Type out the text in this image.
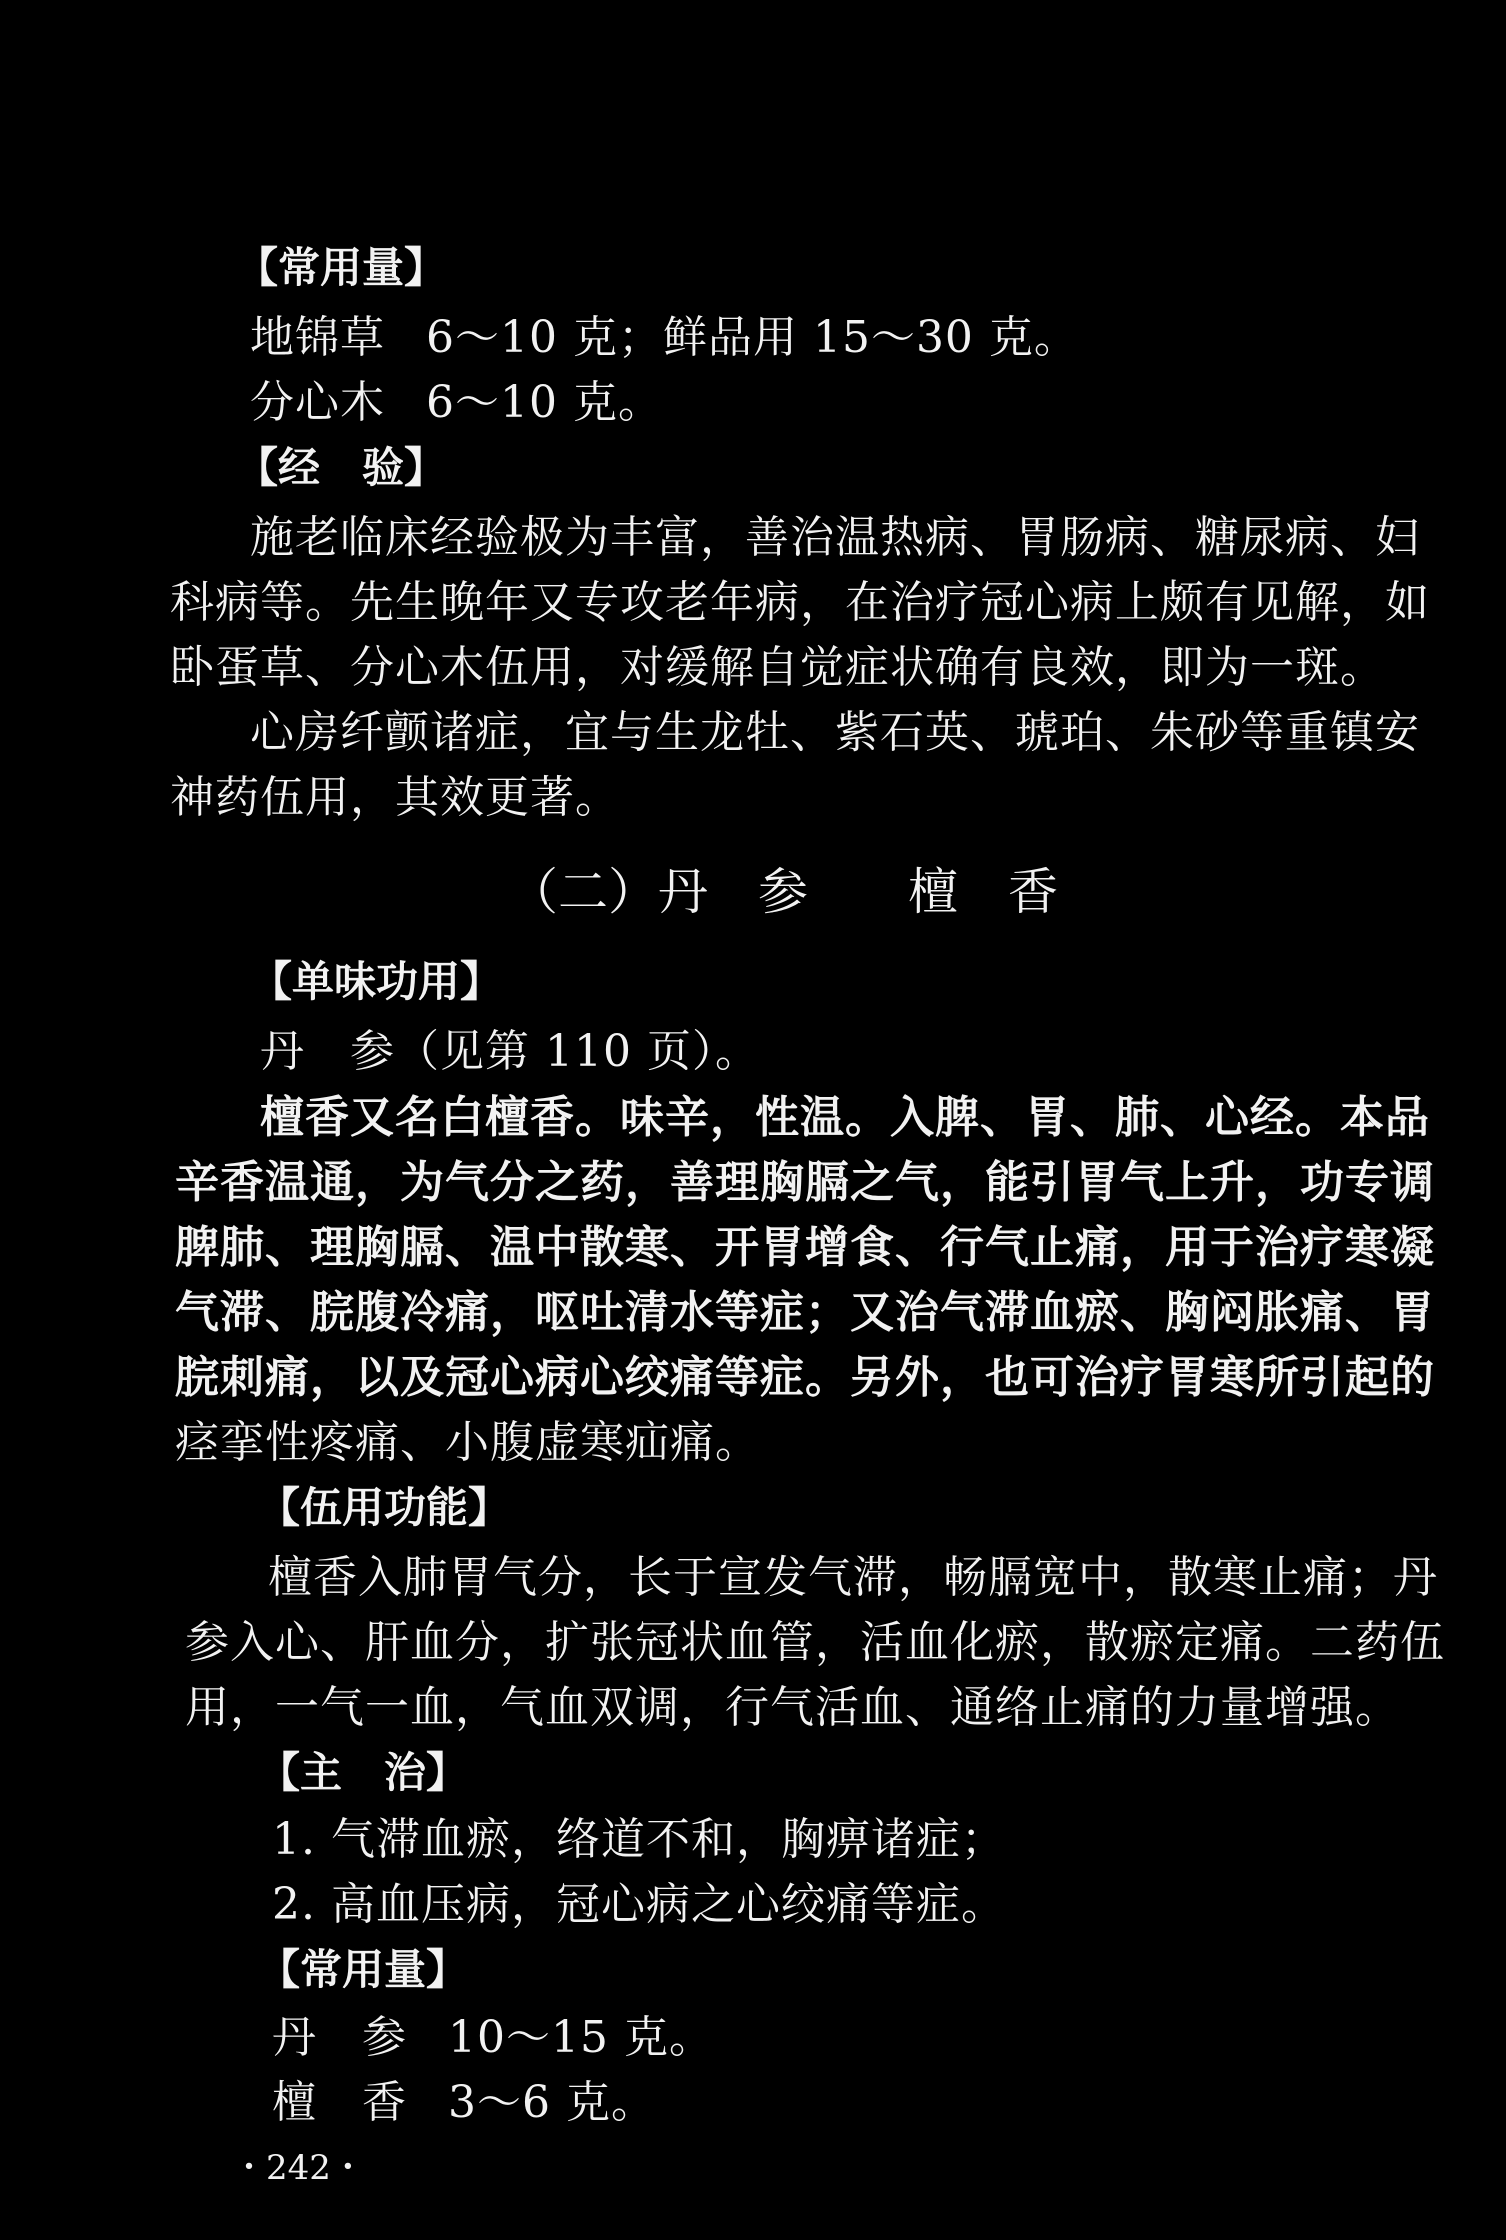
【常用量】
地锦草 6～10 克；鲜品用 15～30 克。
分心木 6～10 克。
【经　验】
施老临床经验极为丰富，善治温热病、胃肠病、糖尿病、妇
科病等。先生晚年又专攻老年病，在治疗冠心病上颇有见解，如
卧蛋草、分心木伍用，对缓解自觉症状确有良效，即为一斑。
心房纤颤诸症，宜与生龙牡、紫石英、琥珀、朱砂等重镇安
神药伍用，其效更著。
（二）丹　参　　檀　香
【单味功用】
丹　参（见第 110 页）。
檀香又名白檀香。味辛，性温。入脾、胃、肺、心经。本品
辛香温通，为气分之药，善理胸膈之气，能引胃气上升，功专调
脾肺、理胸膈、温中散寒、开胃增食、行气止痛，用于治疗寒凝
气滞、脘腹冷痛，呕吐清水等症；又治气滞血瘀、胸闷胀痛、胃
脘刺痛，以及冠心病心绞痛等症。另外，也可治疗胃寒所引起的
痉挛性疼痛、小腹虚寒疝痛。
【伍用功能】
檀香入肺胃气分，长于宣发气滞，畅膈宽中，散寒止痛；丹
参入心、肝血分，扩张冠状血管，活血化瘀，散瘀定痛。二药伍
用，一气一血，气血双调，行气活血、通络止痛的力量增强。
【主　治】
1. 气滞血瘀，络道不和，胸痹诸症；
2. 高血压病，冠心病之心绞痛等症。
【常用量】
丹　参 10～15 克。
檀　香 3～6 克。
・242・
